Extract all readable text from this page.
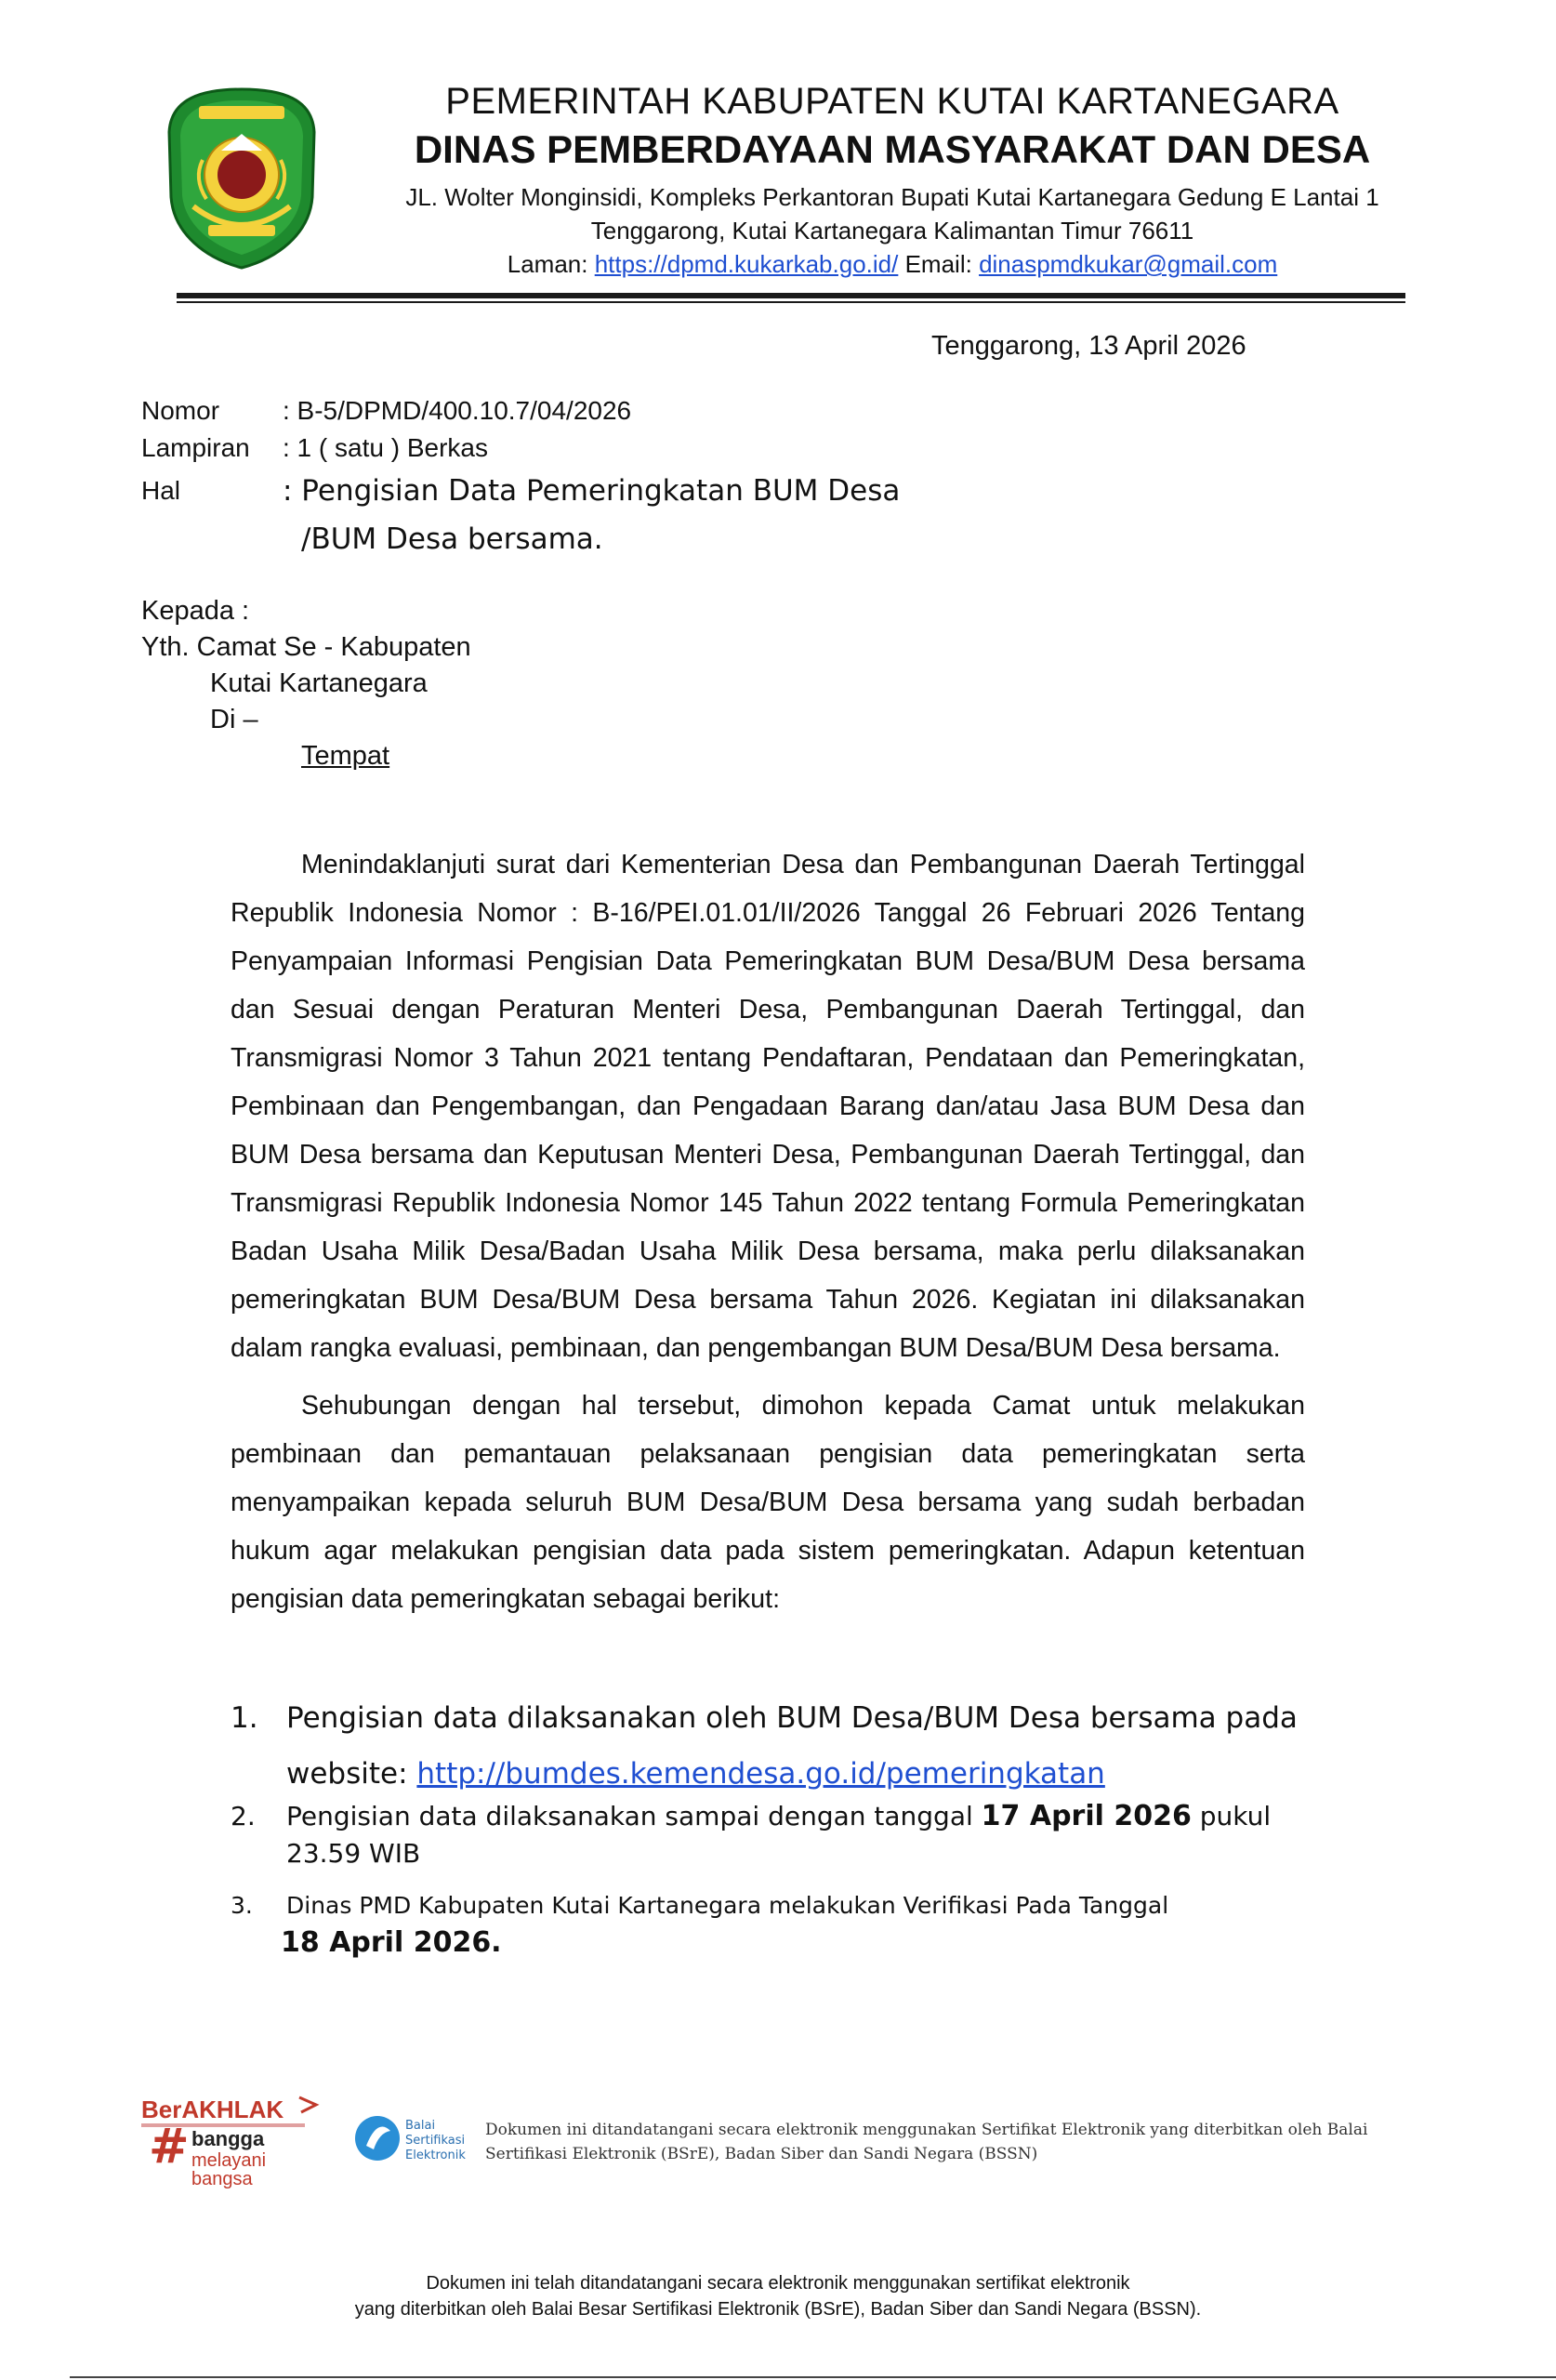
PEMERINTAH KABUPATEN KUTAI KARTANEGARA
DINAS PEMBERDAYAAN MASYARAKAT DAN DESA
JL. Wolter Monginsidi, Kompleks Perkantoran Bupati Kutai Kartanegara Gedung E Lantai 1
Tenggarong, Kutai Kartanegara Kalimantan Timur 76611
Laman: https://dpmd.kukarkab.go.id/ Email: dinaspmdkukar@gmail.com
Tenggarong, 13 April 2026
Nomor	: B-5/DPMD/400.10.7/04/2026
Lampiran	: 1 ( satu ) Berkas
Hal	: Pengisian Data Pemeringkatan BUM Desa
/BUM Desa bersama.
Kepada :
Yth. Camat Se - Kabupaten
Kutai Kartanegara
Di –
Tempat

Menindaklanjuti surat dari Kementerian Desa dan Pembangunan Daerah Tertinggal Republik Indonesia Nomor : B-16/PEI.01.01/II/2026 Tanggal 26 Februari 2026 Tentang Penyampaian Informasi Pengisian Data Pemeringkatan BUM Desa/BUM Desa bersama dan Sesuai dengan Peraturan Menteri Desa, Pembangunan Daerah Tertinggal, dan Transmigrasi Nomor 3 Tahun 2021 tentang Pendaftaran, Pendataan dan Pemeringkatan, Pembinaan dan Pengembangan, dan Pengadaan Barang dan/atau Jasa BUM Desa dan BUM Desa bersama dan Keputusan Menteri Desa, Pembangunan Daerah Tertinggal, dan Transmigrasi Republik Indonesia Nomor 145 Tahun 2022 tentang Formula Pemeringkatan Badan Usaha Milik Desa/Badan Usaha Milik Desa bersama, maka perlu dilaksanakan pemeringkatan BUM Desa/BUM Desa bersama Tahun 2026. Kegiatan ini dilaksanakan dalam rangka evaluasi, pembinaan, dan pengembangan BUM Desa/BUM Desa bersama.

Sehubungan dengan hal tersebut, dimohon kepada Camat untuk melakukan pembinaan dan pemantauan pelaksanaan pengisian data pemeringkatan serta menyampaikan kepada seluruh BUM Desa/BUM Desa bersama yang sudah berbadan hukum agar melakukan pengisian data pada sistem pemeringkatan. Adapun ketentuan pengisian data pemeringkatan sebagai berikut:

1. Pengisian data dilaksanakan oleh BUM Desa/BUM Desa bersama pada website: http://bumdes.kemendesa.go.id/pemeringkatan
2. Pengisian data dilaksanakan sampai dengan tanggal 17 April 2026 pukul 23.59 WIB
3. Dinas PMD Kabupaten Kutai Kartanegara melakukan Verifikasi Pada Tanggal
18 April 2026.
BerAKHLAK
# bangga
melayani
bangsa
Balai
Sertifikasi
Elektronik
Dokumen ini ditandatangani secara elektronik menggunakan Sertifikat Elektronik yang diterbitkan oleh Balai Sertifikasi Elektronik (BSrE), Badan Siber dan Sandi Negara (BSSN)
Dokumen ini telah ditandatangani secara elektronik menggunakan sertifikat elektronik
yang diterbitkan oleh Balai Besar Sertifikasi Elektronik (BSrE), Badan Siber dan Sandi Negara (BSSN).
